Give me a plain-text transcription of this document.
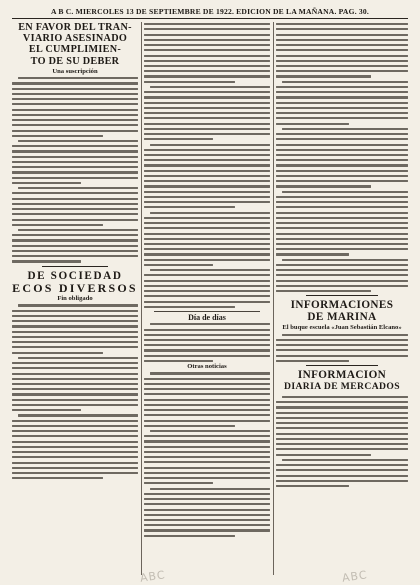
A B C. MIERCOLES 13 DE SEPTIEMBRE DE 1922. EDICION DE LA MAÑANA. PAG. 30.

EN FAVOR DEL TRAN-

VIARIO ASESINADO

EL CUMPLIMIEN-

TO DE SU DEBER

Una suscripción

DE SOCIEDAD

ECOS DIVERSOS

Fin obligado
Día de días
Otras noticias

INFORMACIONES

DE MARINA

El buque escuela «Juan Sebastián Elcano»

INFORMACION

DIARIA DE MERCADOS

ABC	ABC
